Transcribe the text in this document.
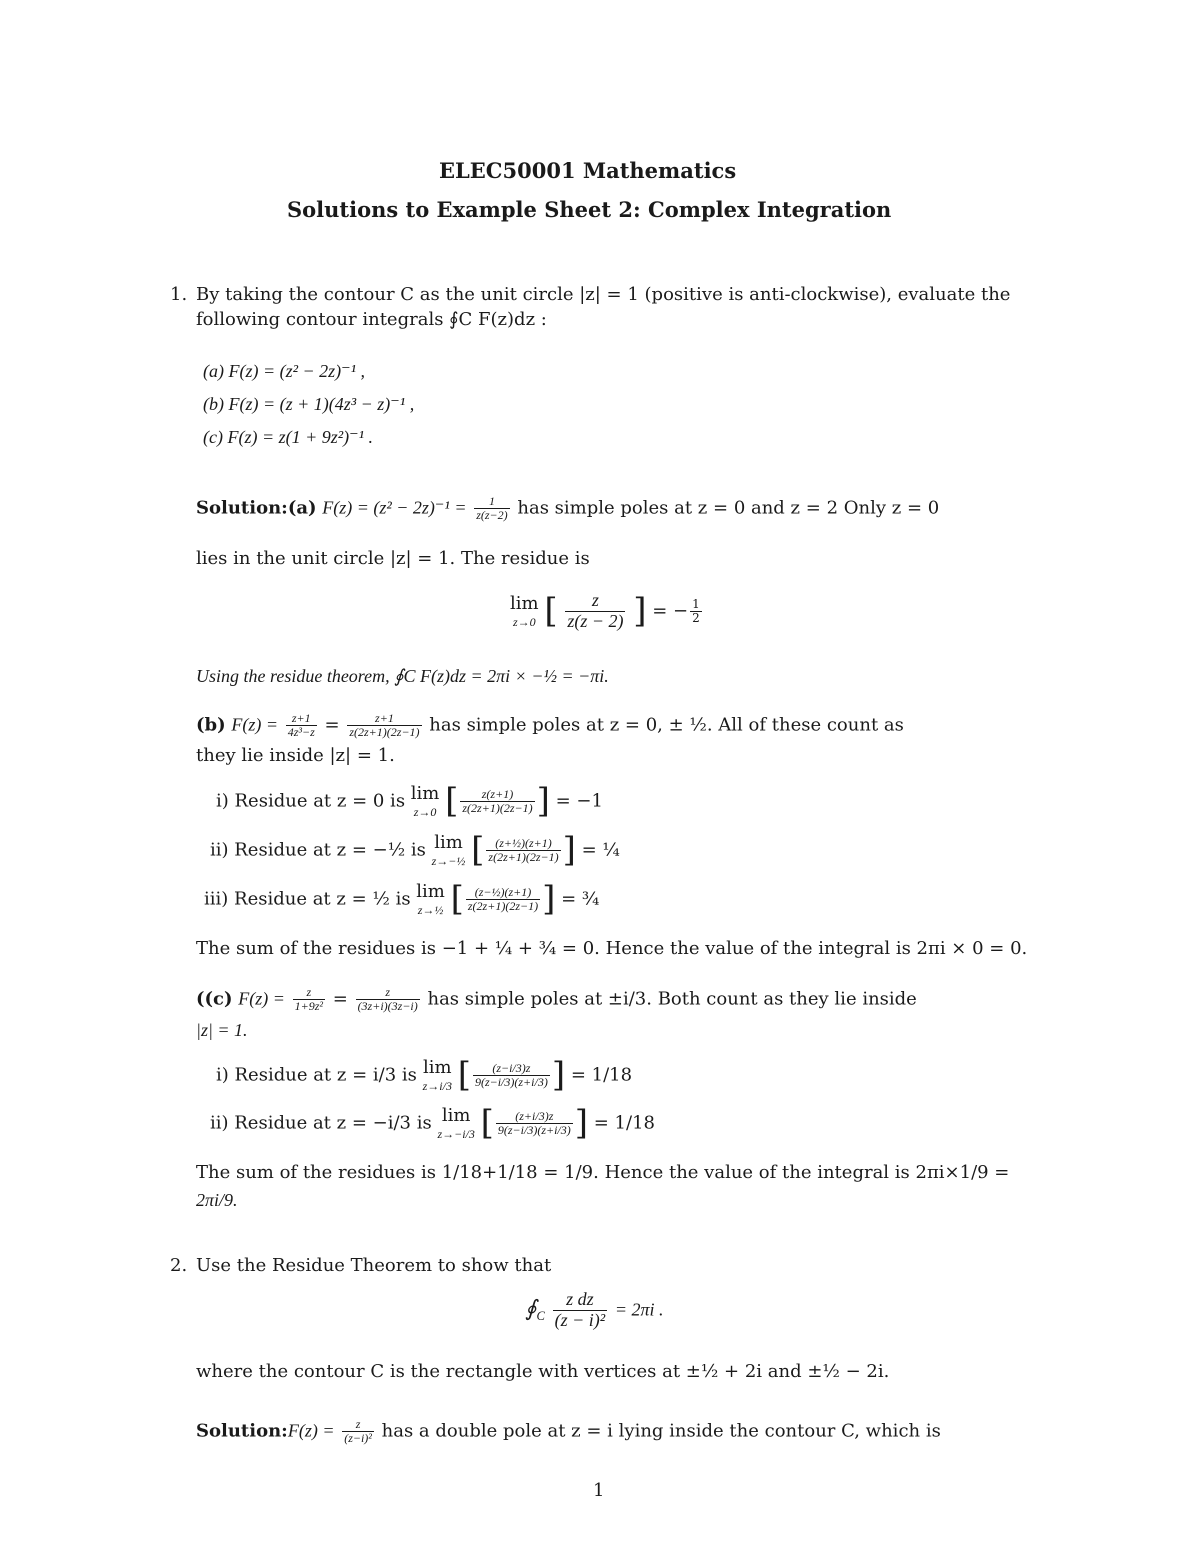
ELEC50001 Mathematics
Solutions to Example Sheet 2: Complex Integration
1. By taking the contour C as the unit circle |z| = 1 (positive is anti-clockwise), evaluate the
following contour integrals ∮C F(z)dz :
(a) F(z) = (z² − 2z)⁻¹ ,
(b) F(z) = (z + 1)(4z³ − z)⁻¹ ,
(c) F(z) = z(1 + 9z²)⁻¹ .
Solution:(a) $F(z) = (z^2 - 2z)^{-1} = \frac{1}{z(z-2)}$ has simple poles at z = 0 and z = 2 Only z = 0
lies in the unit circle |z| = 1. The residue is
lim
z→0 [ $\frac{z}{z(z - 2)}$ ] = − $\frac{1}{2}$
Using the residue theorem, ∮C F(z)dz = 2πi × −½ = −πi.
(b) $F(z) = \frac{z+1}{\text{4z³−z}} = \frac{z+1}{z(2z+1)(2z-1)}$ has simple poles at z = 0, ± ½. All of these count as
they lie inside |z| = 1.
i) Residue at z = 0 is lim
z→0 [ $\frac{z(z+1)}{z(2z+1)(2z-1)}$ ] = −1
ii) Residue at z = −½ is lim
z→−½ [ $\frac{\text{(z+½)(z+1)}}{z(2z+1)(2z-1)}$ ] = ¼
iii) Residue at z = ½ is lim
z→½ [ $\frac{\text{(z−½)(z+1)}}{z(2z+1)(2z-1)}$ ] = ¾
The sum of the residues is −1 + ¼ + ¾ = 0. Hence the value of the integral is 2πi × 0 = 0.
((c) $F(z) = \frac{z}{\text{1+9z²}} = \frac{z}{(3z+i)(3z-i)}$ has simple poles at ±i/3. Both count as they lie inside
|z| = 1.
i) Residue at z = i/3 is lim
z→i/3 [ $\frac{(z-i/3)z}{9(z-i/3)(z+i/3)}$ ] = 1/18
ii) Residue at z = −i/3 is lim
z→−i/3 [ $\frac{(z+i/3)z}{9(z-i/3)(z+i/3)}$ ] = 1/18
The sum of the residues is 1/18+1/18 = 1/9. Hence the value of the integral is 2πi×1/9 =
2πi/9.
2. Use the Residue Theorem to show that
$∮_C \frac{\text{z dz}}{\text{(z − i)²}} = 2\pi i$ .
where the contour C is the rectangle with vertices at ±½ + 2i and ±½ − 2i.
Solution:F(z) = $\frac{z}{\text{(z−i)²}}$ has a double pole at z = i lying inside the contour C, which is
1
